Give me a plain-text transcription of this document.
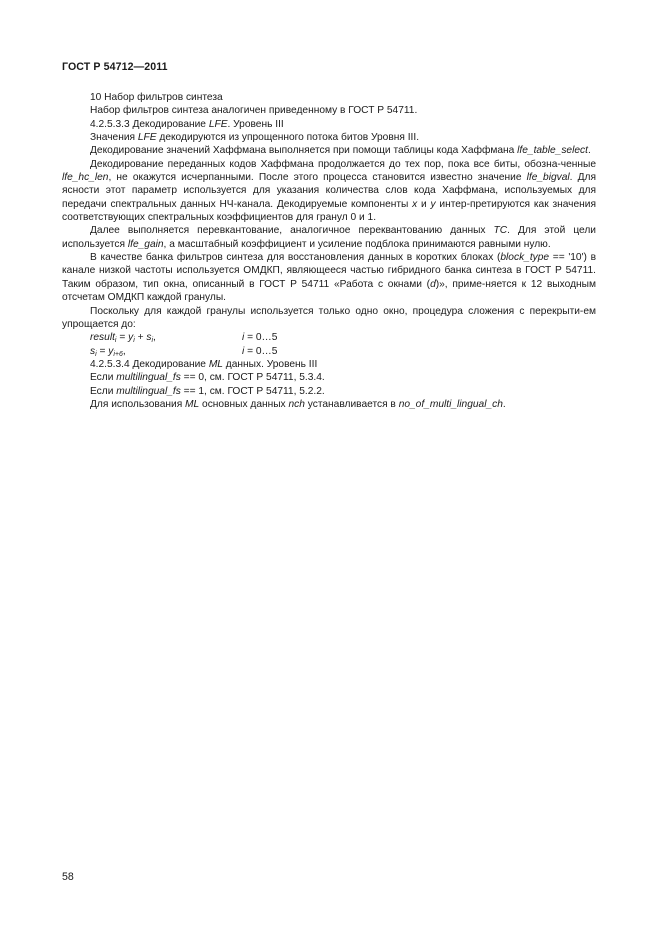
ГОСТ Р 54712—2011

10 Набор фильтров синтеза

Набор фильтров синтеза аналогичен приведенному в ГОСТ Р 54711.

4.2.5.3.3 Декодирование LFE. Уровень III

Значения LFE декодируются из упрощенного потока битов Уровня III.

Декодирование значений Хаффмана выполняется при помощи таблицы кода Хаффмана lfe_table_select.

Декодирование переданных кодов Хаффмана продолжается до тех пор, пока все биты, обозна-ченные lfe_hc_len, не окажутся исчерпанными. После этого процесса становится известно значение lfe_bigval. Для ясности этот параметр используется для указания количества слов кода Хаффмана, используемых для передачи спектральных данных НЧ-канала. Декодируемые компоненты x и y интер-претируются как значения соответствующих спектральных коэффициентов для гранул 0 и 1.

Далее выполняется перевкантование, аналогичное переквантованию данных TC. Для этой цели используется lfe_gain, а масштабный коэффициент и усиление подблока принимаются равными нулю.

В качестве банка фильтров синтеза для восстановления данных в коротких блоках (block_type == '10') в канале низкой частоты используется ОМДКП, являющееся частью гибридного банка синтеза в ГОСТ Р 54711. Таким образом, тип окна, описанный в ГОСТ Р 54711 «Работа с окнами (d)», приме-няется к 12 выходным отсчетам ОМДКП каждой гранулы.

Поскольку для каждой гранулы используется только одно окно, процедура сложения с перекрыти-ем упрощается до:

result$_i$ = $y_i + s_i$,	i = 0…5
$s_i = y_{i+6}$,	i = 0…5

4.2.5.3.4 Декодирование ML данных. Уровень III

Если multilingual_fs == 0, см. ГОСТ Р 54711, 5.3.4.

Если multilingual_fs == 1, см. ГОСТ Р 54711, 5.2.2.

Для использования ML основных данных nch устанавливается в no_of_multi_lingual_ch.

58
